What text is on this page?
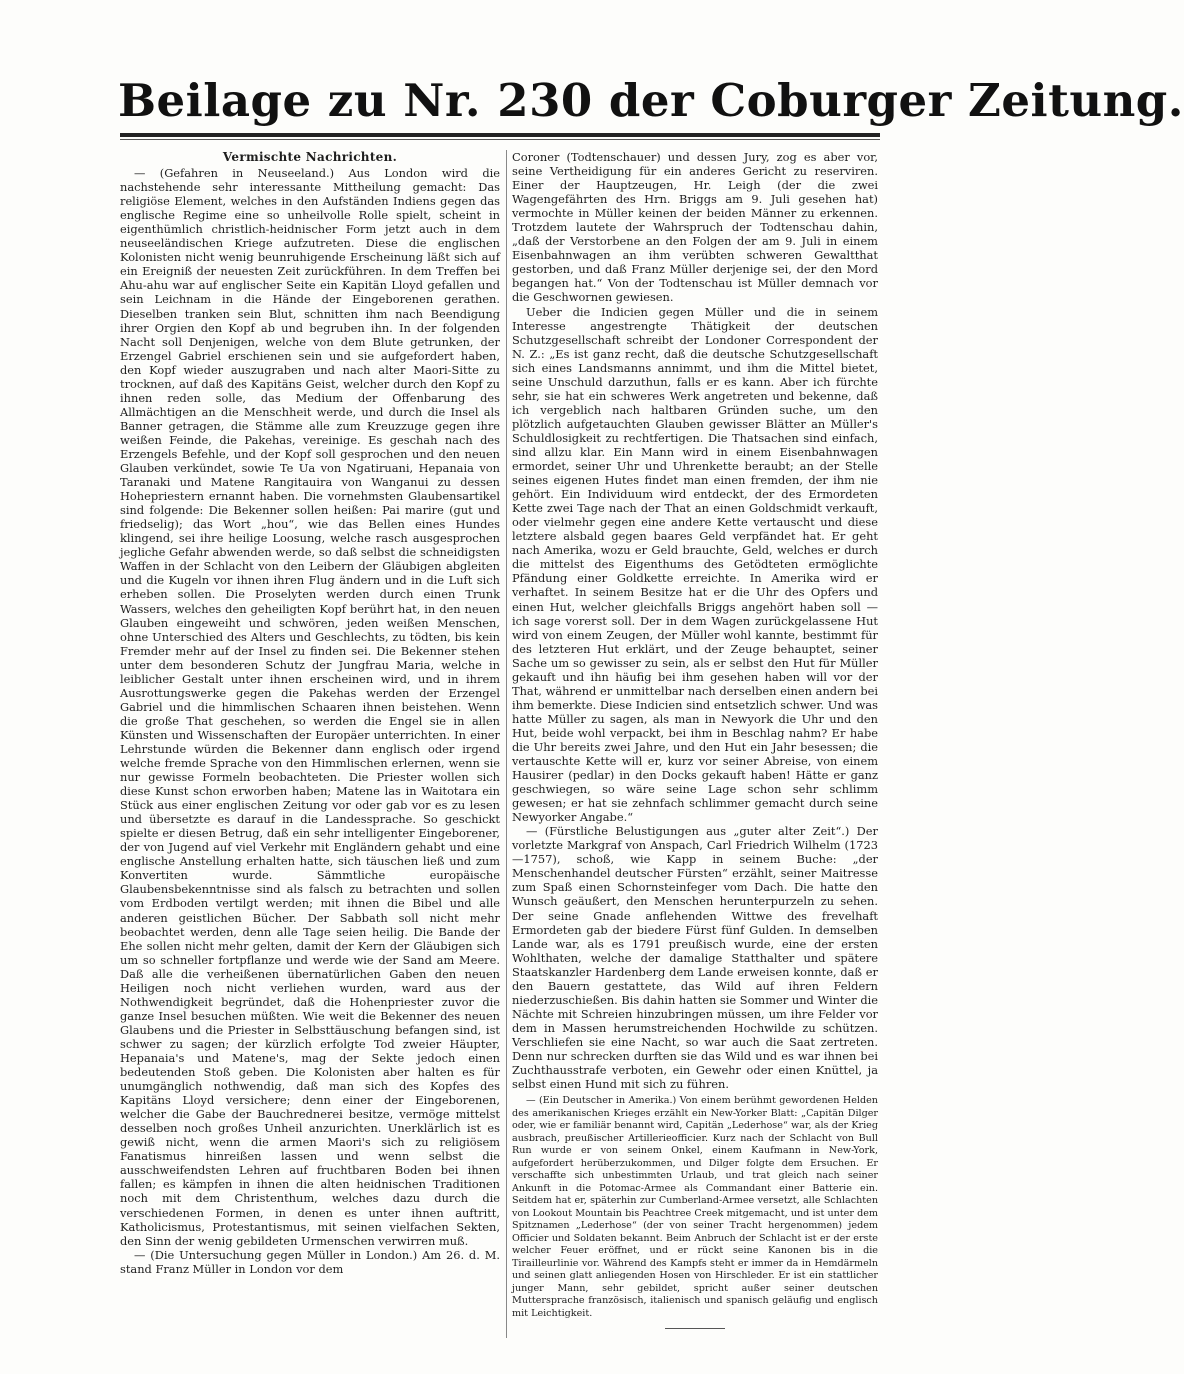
Beilage zu Nr. 230 der Coburger Zeitung.
Vermischte Nachrichten.

— (Gefahren in Neuseeland.) Aus London wird die nachstehende sehr interessante Mittheilung gemacht: Das religiöse Element, welches in den Aufständen Indiens gegen das englische Regime eine so unheilvolle Rolle spielt, scheint in eigenthümlich christlich-heidnischer Form jetzt auch in dem neuseeländischen Kriege aufzutreten. Diese die englischen Kolonisten nicht wenig beunruhigende Erscheinung läßt sich auf ein Ereigniß der neuesten Zeit zurückführen. In dem Treffen bei Ahu-ahu war auf englischer Seite ein Kapitän Lloyd gefallen und sein Leichnam in die Hände der Eingeborenen gerathen. Dieselben tranken sein Blut, schnitten ihm nach Beendigung ihrer Orgien den Kopf ab und begruben ihn. In der folgenden Nacht soll Denjenigen, welche von dem Blute getrunken, der Erzengel Gabriel erschienen sein und sie aufgefordert haben, den Kopf wieder auszugraben und nach alter Maori-Sitte zu trocknen, auf daß des Kapitäns Geist, welcher durch den Kopf zu ihnen reden solle, das Medium der Offenbarung des Allmächtigen an die Menschheit werde, und durch die Insel als Banner getragen, die Stämme alle zum Kreuzzuge gegen ihre weißen Feinde, die Pakehas, vereinige. Es geschah nach des Erzengels Befehle, und der Kopf soll gesprochen und den neuen Glauben verkündet, sowie Te Ua von Ngatiruani, Hepanaia von Taranaki und Matene Rangitauira von Wanganui zu dessen Hohepriestern ernannt haben. Die vornehmsten Glaubensartikel sind folgende: Die Bekenner sollen heißen: Pai marire (gut und friedselig); das Wort „hou“, wie das Bellen eines Hundes klingend, sei ihre heilige Loosung, welche rasch ausgesprochen jegliche Gefahr abwenden werde, so daß selbst die schneidigsten Waffen in der Schlacht von den Leibern der Gläubigen abgleiten und die Kugeln vor ihnen ihren Flug ändern und in die Luft sich erheben sollen. Die Proselyten werden durch einen Trunk Wassers, welches den geheiligten Kopf berührt hat, in den neuen Glauben eingeweiht und schwören, jeden weißen Menschen, ohne Unterschied des Alters und Geschlechts, zu tödten, bis kein Fremder mehr auf der Insel zu finden sei. Die Bekenner stehen unter dem besonderen Schutz der Jungfrau Maria, welche in leiblicher Gestalt unter ihnen erscheinen wird, und in ihrem Ausrottungswerke gegen die Pakehas werden der Erzengel Gabriel und die himmlischen Schaaren ihnen beistehen. Wenn die große That geschehen, so werden die Engel sie in allen Künsten und Wissenschaften der Europäer unterrichten. In einer Lehrstunde würden die Bekenner dann englisch oder irgend welche fremde Sprache von den Himmlischen erlernen, wenn sie nur gewisse Formeln beobachteten. Die Priester wollen sich diese Kunst schon erworben haben; Matene las in Waitotara ein Stück aus einer englischen Zeitung vor oder gab vor es zu lesen und übersetzte es darauf in die Landessprache. So geschickt spielte er diesen Betrug, daß ein sehr intelligenter Eingeborener, der von Jugend auf viel Verkehr mit Engländern gehabt und eine englische Anstellung erhalten hatte, sich täuschen ließ und zum Konvertiten wurde. Sämmtliche europäische Glaubensbekenntnisse sind als falsch zu betrachten und sollen vom Erdboden vertilgt werden; mit ihnen die Bibel und alle anderen geistlichen Bücher. Der Sabbath soll nicht mehr beobachtet werden, denn alle Tage seien heilig. Die Bande der Ehe sollen nicht mehr gelten, damit der Kern der Gläubigen sich um so schneller fortpflanze und werde wie der Sand am Meere. Daß alle die verheißenen übernatürlichen Gaben den neuen Heiligen noch nicht verliehen wurden, ward aus der Nothwendigkeit begründet, daß die Hohenpriester zuvor die ganze Insel besuchen müßten. Wie weit die Bekenner des neuen Glaubens und die Priester in Selbsttäuschung befangen sind, ist schwer zu sagen; der kürzlich erfolgte Tod zweier Häupter, Hepanaia's und Matene's, mag der Sekte jedoch einen bedeutenden Stoß geben. Die Kolonisten aber halten es für unumgänglich nothwendig, daß man sich des Kopfes des Kapitäns Lloyd versichere; denn einer der Eingeborenen, welcher die Gabe der Bauchrednerei besitze, vermöge mittelst desselben noch großes Unheil anzurichten. Unerklärlich ist es gewiß nicht, wenn die armen Maori's sich zu religiösem Fanatismus hinreißen lassen und wenn selbst die ausschweifendsten Lehren auf fruchtbaren Boden bei ihnen fallen; es kämpfen in ihnen die alten heidnischen Traditionen noch mit dem Christenthum, welches dazu durch die verschiedenen Formen, in denen es unter ihnen auftritt, Katholicismus, Protestantismus, mit seinen vielfachen Sekten, den Sinn der wenig gebildeten Urmenschen verwirren muß.

— (Die Untersuchung gegen Müller in London.) Am 26. d. M. stand Franz Müller in London vor dem

Coroner (Todtenschauer) und dessen Jury, zog es aber vor, seine Vertheidigung für ein anderes Gericht zu reserviren. Einer der Hauptzeugen, Hr. Leigh (der die zwei Wagengefährten des Hrn. Briggs am 9. Juli gesehen hat) vermochte in Müller keinen der beiden Männer zu erkennen. Trotzdem lautete der Wahrspruch der Todtenschau dahin, „daß der Verstorbene an den Folgen der am 9. Juli in einem Eisenbahnwagen an ihm verübten schweren Gewaltthat gestorben, und daß Franz Müller derjenige sei, der den Mord begangen hat.“ Von der Todtenschau ist Müller demnach vor die Geschwornen gewiesen.

Ueber die Indicien gegen Müller und die in seinem Interesse angestrengte Thätigkeit der deutschen Schutzgesellschaft schreibt der Londoner Correspondent der N. Z.: „Es ist ganz recht, daß die deutsche Schutzgesellschaft sich eines Landsmanns annimmt, und ihm die Mittel bietet, seine Unschuld darzuthun, falls er es kann. Aber ich fürchte sehr, sie hat ein schweres Werk angetreten und bekenne, daß ich vergeblich nach haltbaren Gründen suche, um den plötzlich aufgetauchten Glauben gewisser Blätter an Müller's Schuldlosigkeit zu rechtfertigen. Die Thatsachen sind einfach, sind allzu klar. Ein Mann wird in einem Eisenbahnwagen ermordet, seiner Uhr und Uhrenkette beraubt; an der Stelle seines eigenen Hutes findet man einen fremden, der ihm nie gehört. Ein Individuum wird entdeckt, der des Ermordeten Kette zwei Tage nach der That an einen Goldschmidt verkauft, oder vielmehr gegen eine andere Kette vertauscht und diese letztere alsbald gegen baares Geld verpfändet hat. Er geht nach Amerika, wozu er Geld brauchte, Geld, welches er durch die mittelst des Eigenthums des Getödteten ermöglichte Pfändung einer Goldkette erreichte. In Amerika wird er verhaftet. In seinem Besitze hat er die Uhr des Opfers und einen Hut, welcher gleichfalls Briggs angehört haben soll — ich sage vorerst soll. Der in dem Wagen zurückgelassene Hut wird von einem Zeugen, der Müller wohl kannte, bestimmt für des letzteren Hut erklärt, und der Zeuge behauptet, seiner Sache um so gewisser zu sein, als er selbst den Hut für Müller gekauft und ihn häufig bei ihm gesehen haben will vor der That, während er unmittelbar nach derselben einen andern bei ihm bemerkte. Diese Indicien sind entsetzlich schwer. Und was hatte Müller zu sagen, als man in Newyork die Uhr und den Hut, beide wohl verpackt, bei ihm in Beschlag nahm? Er habe die Uhr bereits zwei Jahre, und den Hut ein Jahr besessen; die vertauschte Kette will er, kurz vor seiner Abreise, von einem Hausirer (pedlar) in den Docks gekauft haben! Hätte er ganz geschwiegen, so wäre seine Lage schon sehr schlimm gewesen; er hat sie zehnfach schlimmer gemacht durch seine Newyorker Angabe.“

— (Fürstliche Belustigungen aus „guter alter Zeit“.) Der vorletzte Markgraf von Anspach, Carl Friedrich Wilhelm (1723—1757), schoß, wie Kapp in seinem Buche: „der Menschenhandel deutscher Fürsten“ erzählt, seiner Maitresse zum Spaß einen Schornsteinfeger vom Dach. Die hatte den Wunsch geäußert, den Menschen herunterpurzeln zu sehen. Der seine Gnade anflehenden Wittwe des frevelhaft Ermordeten gab der biedere Fürst fünf Gulden. In demselben Lande war, als es 1791 preußisch wurde, eine der ersten Wohlthaten, welche der damalige Statthalter und spätere Staatskanzler Hardenberg dem Lande erweisen konnte, daß er den Bauern gestattete, das Wild auf ihren Feldern niederzuschießen. Bis dahin hatten sie Sommer und Winter die Nächte mit Schreien hinzubringen müssen, um ihre Felder vor dem in Massen herumstreichenden Hochwilde zu schützen. Verschliefen sie eine Nacht, so war auch die Saat zertreten. Denn nur schrecken durften sie das Wild und es war ihnen bei Zuchthausstrafe verboten, ein Gewehr oder einen Knüttel, ja selbst einen Hund mit sich zu führen.

— (Ein Deutscher in Amerika.) Von einem berühmt gewordenen Helden des amerikanischen Krieges erzählt ein New-Yorker Blatt: „Capitän Dilger oder, wie er familiär benannt wird, Capitän „Lederhose“ war, als der Krieg ausbrach, preußischer Artillerieofficier. Kurz nach der Schlacht von Bull Run wurde er von seinem Onkel, einem Kaufmann in New-York, aufgefordert herüberzukommen, und Dilger folgte dem Ersuchen. Er verschaffte sich unbestimmten Urlaub, und trat gleich nach seiner Ankunft in die Potomac-Armee als Commandant einer Batterie ein. Seitdem hat er, späterhin zur Cumberland-Armee versetzt, alle Schlachten von Lookout Mountain bis Peachtree Creek mitgemacht, und ist unter dem Spitznamen „Lederhose“ (der von seiner Tracht hergenommen) jedem Officier und Soldaten bekannt. Beim Anbruch der Schlacht ist er der erste welcher Feuer eröffnet, und er rückt seine Kanonen bis in die Tirailleurlinie vor. Während des Kampfs steht er immer da in Hemdärmeln und seinen glatt anliegenden Hosen von Hirschleder. Er ist ein stattlicher junger Mann, sehr gebildet, spricht außer seiner deutschen Muttersprache französisch, italienisch und spanisch geläufig und englisch mit Leichtigkeit.
